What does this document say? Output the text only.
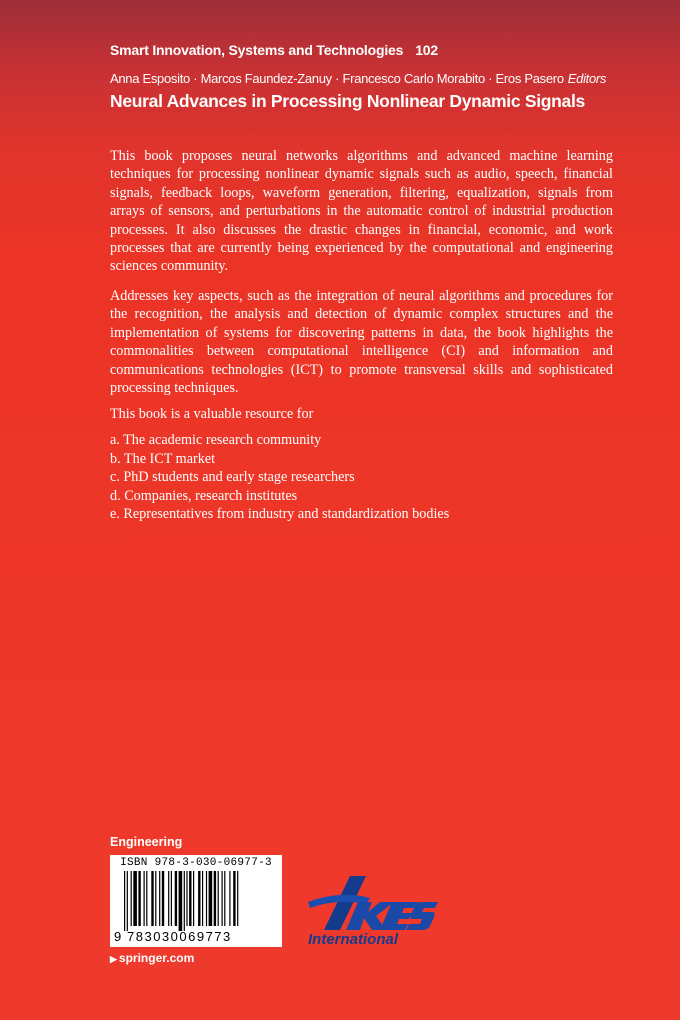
Smart Innovation, Systems and Technologies 102
Anna Esposito · Marcos Faundez-Zanuy · Francesco Carlo Morabito · Eros Pasero Editors
Neural Advances in Processing Nonlinear Dynamic Signals

This book proposes neural networks algorithms and advanced machine learning techniques for processing nonlinear dynamic signals such as audio, speech, financial signals, feedback loops, waveform generation, filtering, equalization, signals from arrays of sensors, and perturbations in the automatic control of industrial production processes. It also discusses the drastic changes in financial, economic, and work processes that are currently being experienced by the computational and engineering sciences community.

Addresses key aspects, such as the integration of neural algorithms and procedures for the recognition, the analysis and detection of dynamic complex structures and the implementation of systems for discovering patterns in data, the book highlights the commonalities between computational intelligence (CI) and information and communications technologies (ICT) to promote transversal skills and sophisticated processing techniques.

This book is a valuable resource for

a. The academic research community
b. The ICT market
c. PhD students and early stage researchers
d. Companies, research institutes
e. Representatives from industry and standardization bodies
Engineering
ISBN 978-3-030-06977-3
9 783030069773
▶ springer.com
International
